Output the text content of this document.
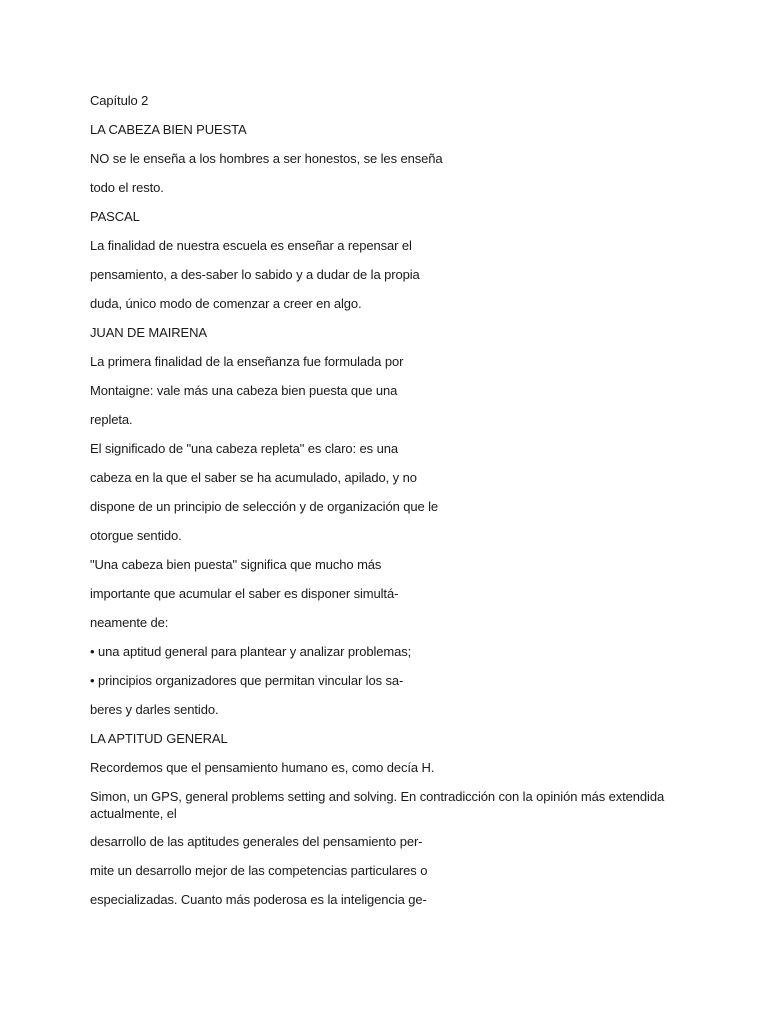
Capítulo 2

LA CABEZA BIEN PUESTA

NO se le enseña a los hombres a ser honestos, se les enseña

todo el resto.

PASCAL

La finalidad de nuestra escuela es enseñar a repensar el

pensamiento, a des-saber lo sabido y a dudar de la propia

duda, único modo de comenzar a creer en algo.

JUAN DE MAIRENA

La primera finalidad de la enseñanza fue formulada por

Montaigne: vale más una cabeza bien puesta que una

repleta.

El significado de "una cabeza repleta" es claro: es una

cabeza en la que el saber se ha acumulado, apilado, y no

dispone de un principio de selección y de organización que le

otorgue sentido.

"Una cabeza bien puesta" significa que mucho más

importante que acumular el saber es disponer simultá-

neamente de:

• una aptitud general para plantear y analizar problemas;

• principios organizadores que permitan vincular los sa-

beres y darles sentido.

LA APTITUD GENERAL

Recordemos que el pensamiento humano es, como decía H.

Simon, un GPS, general problems setting and solving. En contradicción con la opinión más extendida actualmente, el

desarrollo de las aptitudes generales del pensamiento per-

mite un desarrollo mejor de las competencias particulares o

especializadas. Cuanto más poderosa es la inteligencia ge-
